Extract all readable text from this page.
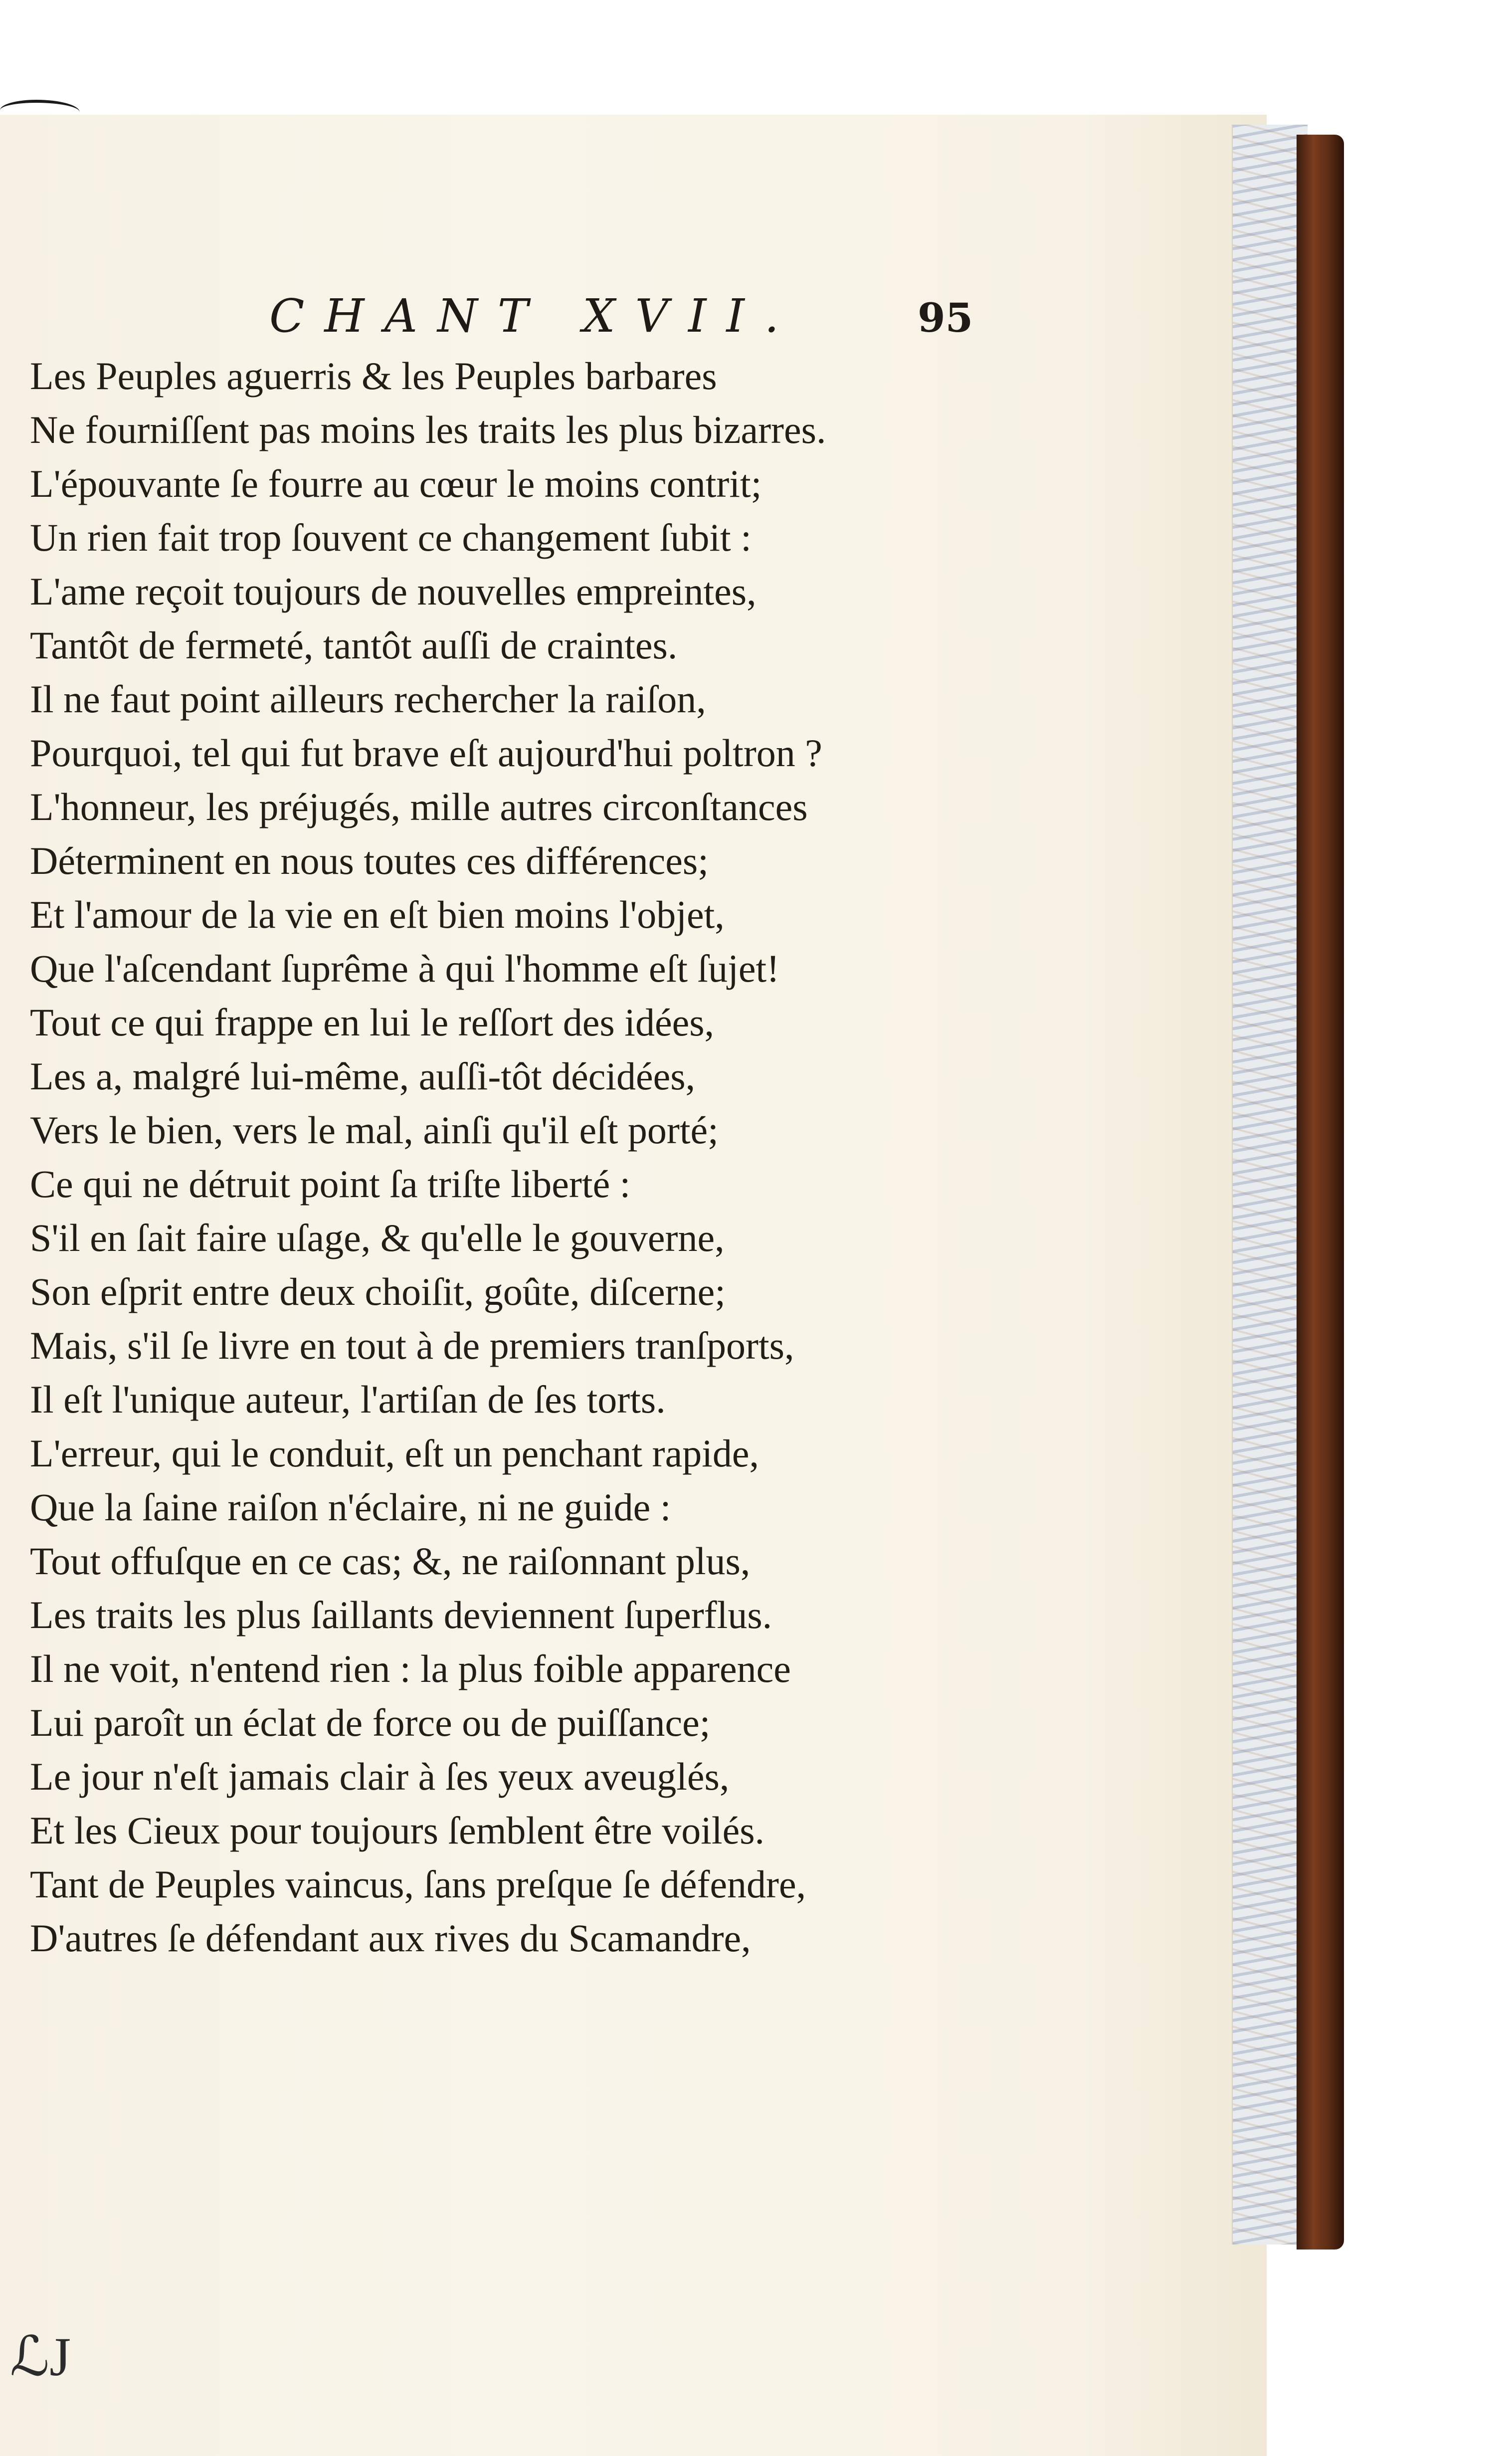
CHANT XVII.	95
Les Peuples aguerris & les Peuples barbares
Ne fourniſſent pas moins les traits les plus bizarres.
L'épouvante ſe fourre au cœur le moins contrit;
Un rien fait trop ſouvent ce changement ſubit :
L'ame reçoit toujours de nouvelles empreintes,
Tantôt de fermeté, tantôt auſſi de craintes.
Il ne faut point ailleurs rechercher la raiſon,
Pourquoi, tel qui fut brave eſt aujourd'hui poltron ?
L'honneur, les préjugés, mille autres circonſtances
Déterminent en nous toutes ces différences;
Et l'amour de la vie en eſt bien moins l'objet,
Que l'aſcendant ſuprême à qui l'homme eſt ſujet!
Tout ce qui frappe en lui le reſſort des idées,
Les a, malgré lui-même, auſſi-tôt décidées,
Vers le bien, vers le mal, ainſi qu'il eſt porté;
Ce qui ne détruit point ſa triſte liberté :
S'il en ſait faire uſage, & qu'elle le gouverne,
Son eſprit entre deux choiſit, goûte, diſcerne;
Mais, s'il ſe livre en tout à de premiers tranſports,
Il eſt l'unique auteur, l'artiſan de ſes torts.
L'erreur, qui le conduit, eſt un penchant rapide,
Que la ſaine raiſon n'éclaire, ni ne guide :
Tout offuſque en ce cas; &, ne raiſonnant plus,
Les traits les plus ſaillants deviennent ſuperflus.
Il ne voit, n'entend rien : la plus foible apparence
Lui paroît un éclat de force ou de puiſſance;
Le jour n'eſt jamais clair à ſes yeux aveuglés,
Et les Cieux pour toujours ſemblent être voilés.
Tant de Peuples vaincus, ſans preſque ſe défendre,
D'autres ſe défendant aux rives du Scamandre,
ℒJ
